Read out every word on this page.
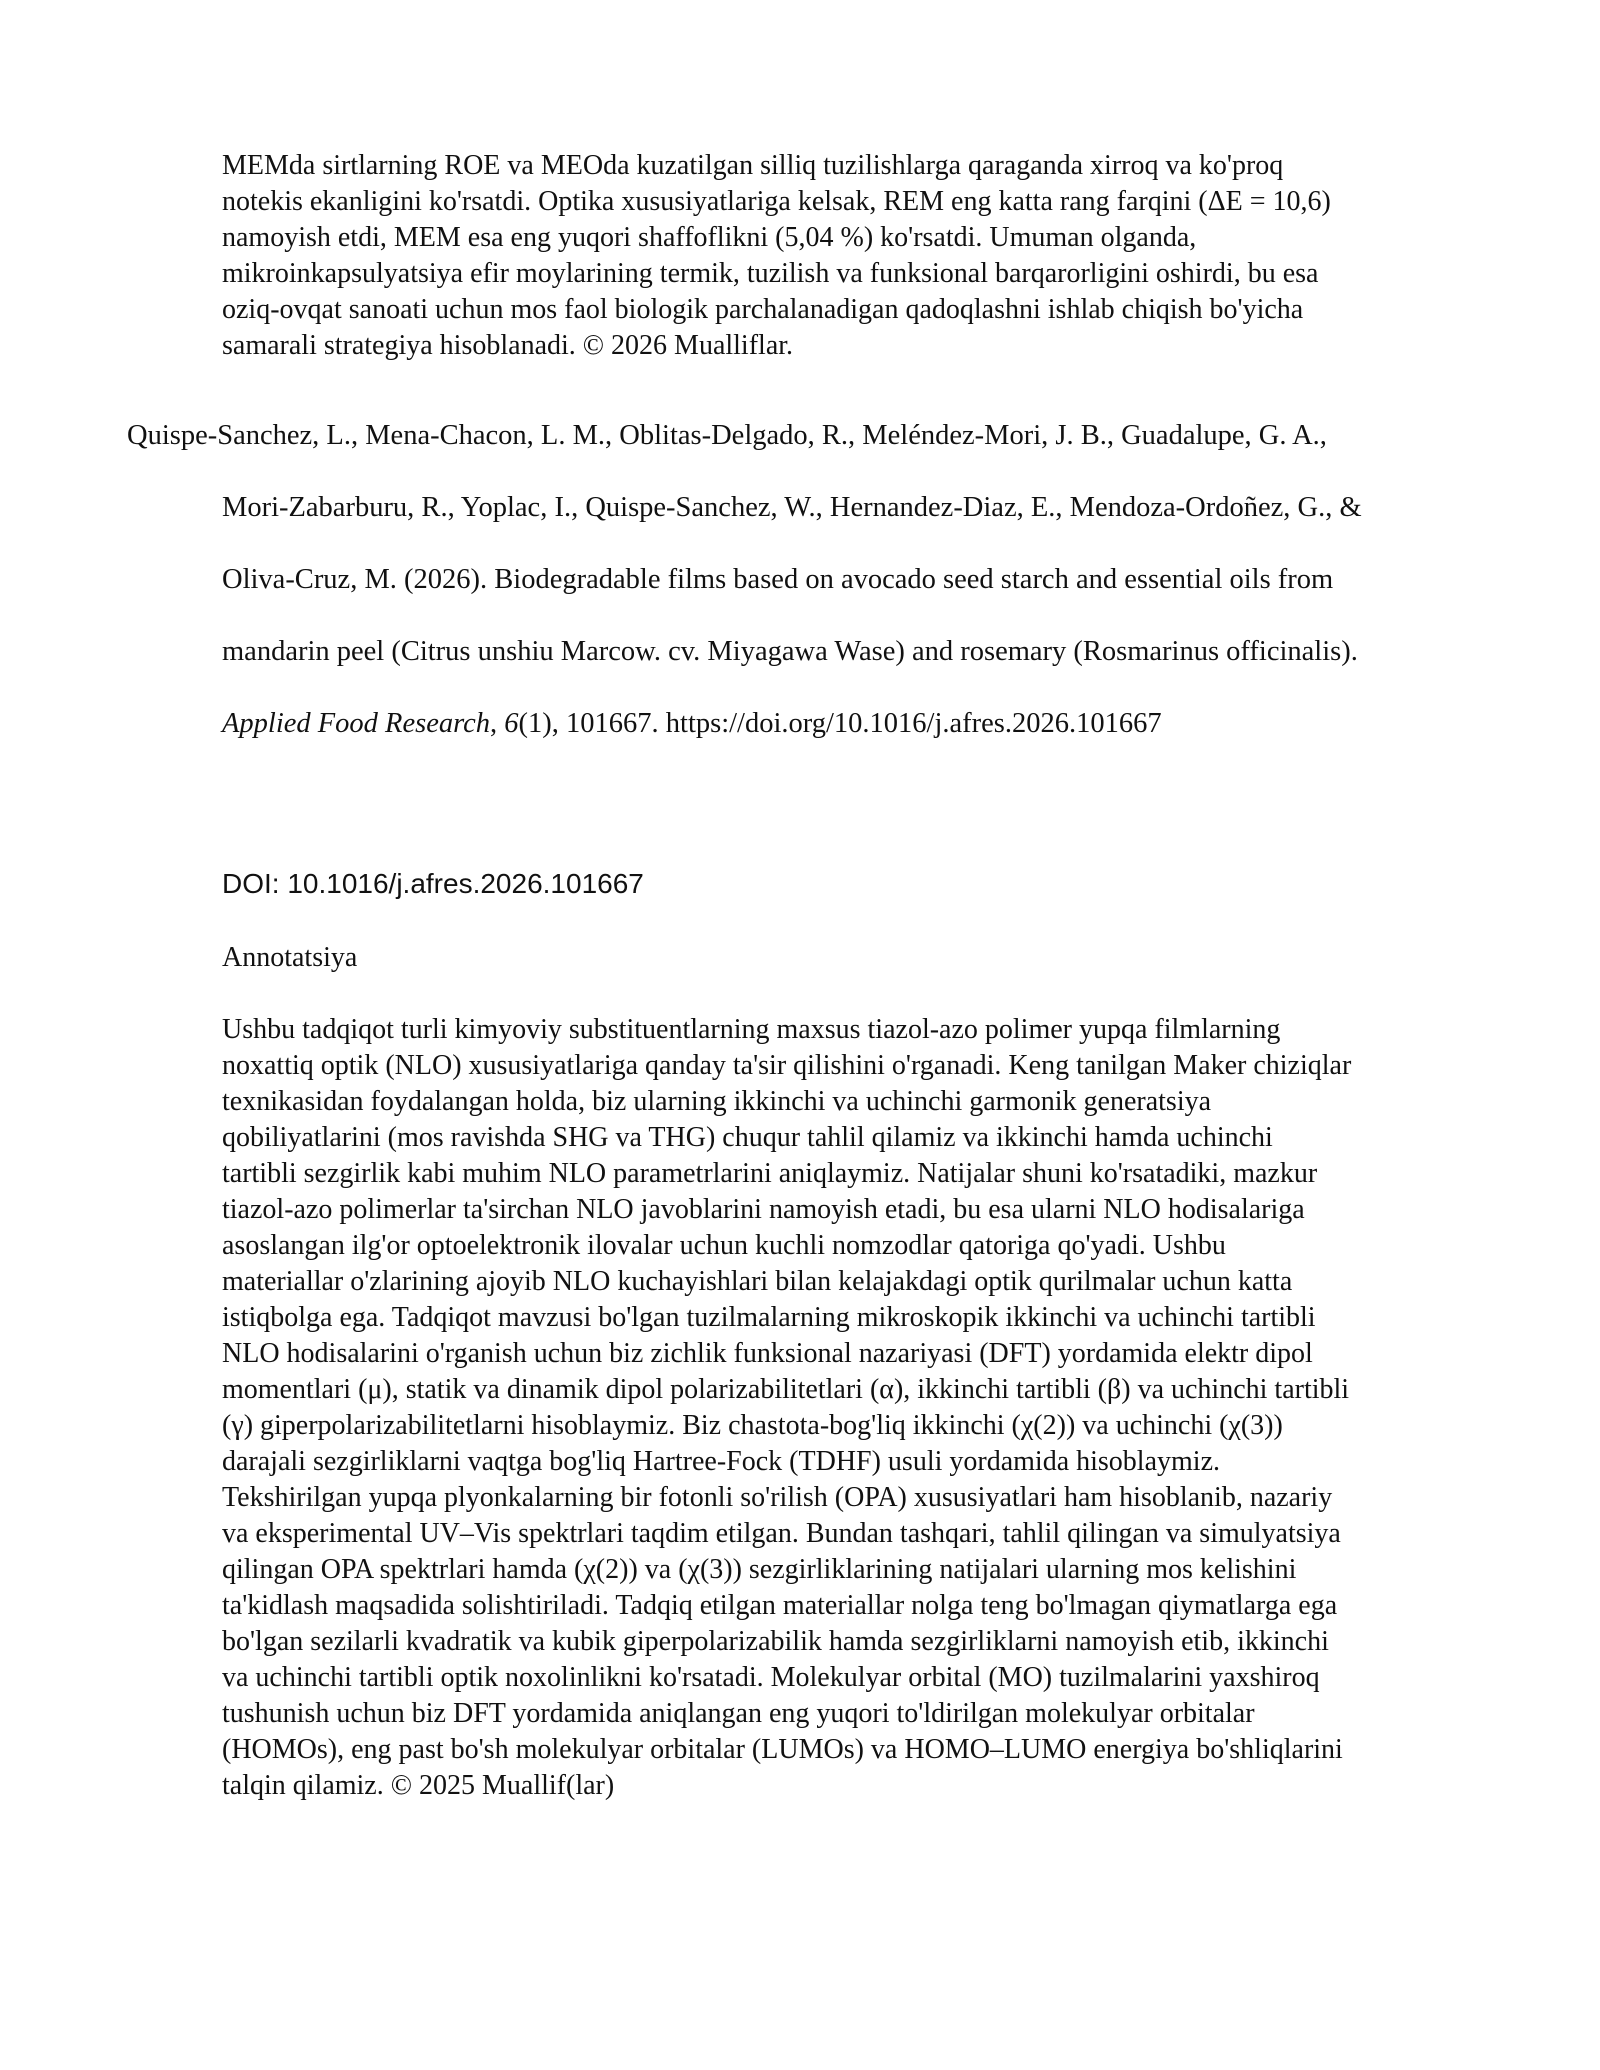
MEMda sirtlarning ROE va MEOda kuzatilgan silliq tuzilishlarga qaraganda xirroq va ko'proq
notekis ekanligini ko'rsatdi. Optika xususiyatlariga kelsak, REM eng katta rang farqini (ΔE = 10,6)
namoyish etdi, MEM esa eng yuqori shaffoflikni (5,04 %) ko'rsatdi. Umuman olganda,
mikroinkapsulyatsiya efir moylarining termik, tuzilish va funksional barqarorligini oshirdi, bu esa
oziq-ovqat sanoati uchun mos faol biologik parchalanadigan qadoqlashni ishlab chiqish bo'yicha
samarali strategiya hisoblanadi. © 2026 Mualliflar.
Quispe-Sanchez, L., Mena-Chacon, L. M., Oblitas-Delgado, R., Meléndez-Mori, J. B., Guadalupe, G. A.,
Mori-Zabarburu, R., Yoplac, I., Quispe-Sanchez, W., Hernandez-Diaz, E., Mendoza-Ordoñez, G., &
Oliva-Cruz, M. (2026). Biodegradable films based on avocado seed starch and essential oils from
mandarin peel (Citrus unshiu Marcow. cv. Miyagawa Wase) and rosemary (Rosmarinus officinalis).
Applied Food Research, 6(1), 101667. https://doi.org/10.1016/j.afres.2026.101667
DOI: 10.1016/j.afres.2026.101667
Annotatsiya
Ushbu tadqiqot turli kimyoviy substituentlarning maxsus tiazol-azo polimer yupqa filmlarning
noxattiq optik (NLO) xususiyatlariga qanday ta'sir qilishini o'rganadi. Keng tanilgan Maker chiziqlar
texnikasidan foydalangan holda, biz ularning ikkinchi va uchinchi garmonik generatsiya
qobiliyatlarini (mos ravishda SHG va THG) chuqur tahlil qilamiz va ikkinchi hamda uchinchi
tartibli sezgirlik kabi muhim NLO parametrlarini aniqlaymiz. Natijalar shuni ko'rsatadiki, mazkur
tiazol-azo polimerlar ta'sirchan NLO javoblarini namoyish etadi, bu esa ularni NLO hodisalariga
asoslangan ilg'or optoelektronik ilovalar uchun kuchli nomzodlar qatoriga qo'yadi. Ushbu
materiallar o'zlarining ajoyib NLO kuchayishlari bilan kelajakdagi optik qurilmalar uchun katta
istiqbolga ega. Tadqiqot mavzusi bo'lgan tuzilmalarning mikroskopik ikkinchi va uchinchi tartibli
NLO hodisalarini o'rganish uchun biz zichlik funksional nazariyasi (DFT) yordamida elektr dipol
momentlari (μ), statik va dinamik dipol polarizabilitetlari (α), ikkinchi tartibli (β) va uchinchi tartibli
(γ) giperpolarizabilitetlarni hisoblaymiz. Biz chastota-bog'liq ikkinchi (χ(2)) va uchinchi (χ(3))
darajali sezgirliklarni vaqtga bog'liq Hartree-Fock (TDHF) usuli yordamida hisoblaymiz.
Tekshirilgan yupqa plyonkalarning bir fotonli so'rilish (OPA) xususiyatlari ham hisoblanib, nazariy
va eksperimental UV–Vis spektrlari taqdim etilgan. Bundan tashqari, tahlil qilingan va simulyatsiya
qilingan OPA spektrlari hamda (χ(2)) va (χ(3)) sezgirliklarining natijalari ularning mos kelishini
ta'kidlash maqsadida solishtiriladi. Tadqiq etilgan materiallar nolga teng bo'lmagan qiymatlarga ega
bo'lgan sezilarli kvadratik va kubik giperpolarizabilik hamda sezgirliklarni namoyish etib, ikkinchi
va uchinchi tartibli optik noxolinlikni ko'rsatadi. Molekulyar orbital (MO) tuzilmalarini yaxshiroq
tushunish uchun biz DFT yordamida aniqlangan eng yuqori to'ldirilgan molekulyar orbitalar
(HOMOs), eng past bo'sh molekulyar orbitalar (LUMOs) va HOMO–LUMO energiya bo'shliqlarini
talqin qilamiz. © 2025 Muallif(lar)
